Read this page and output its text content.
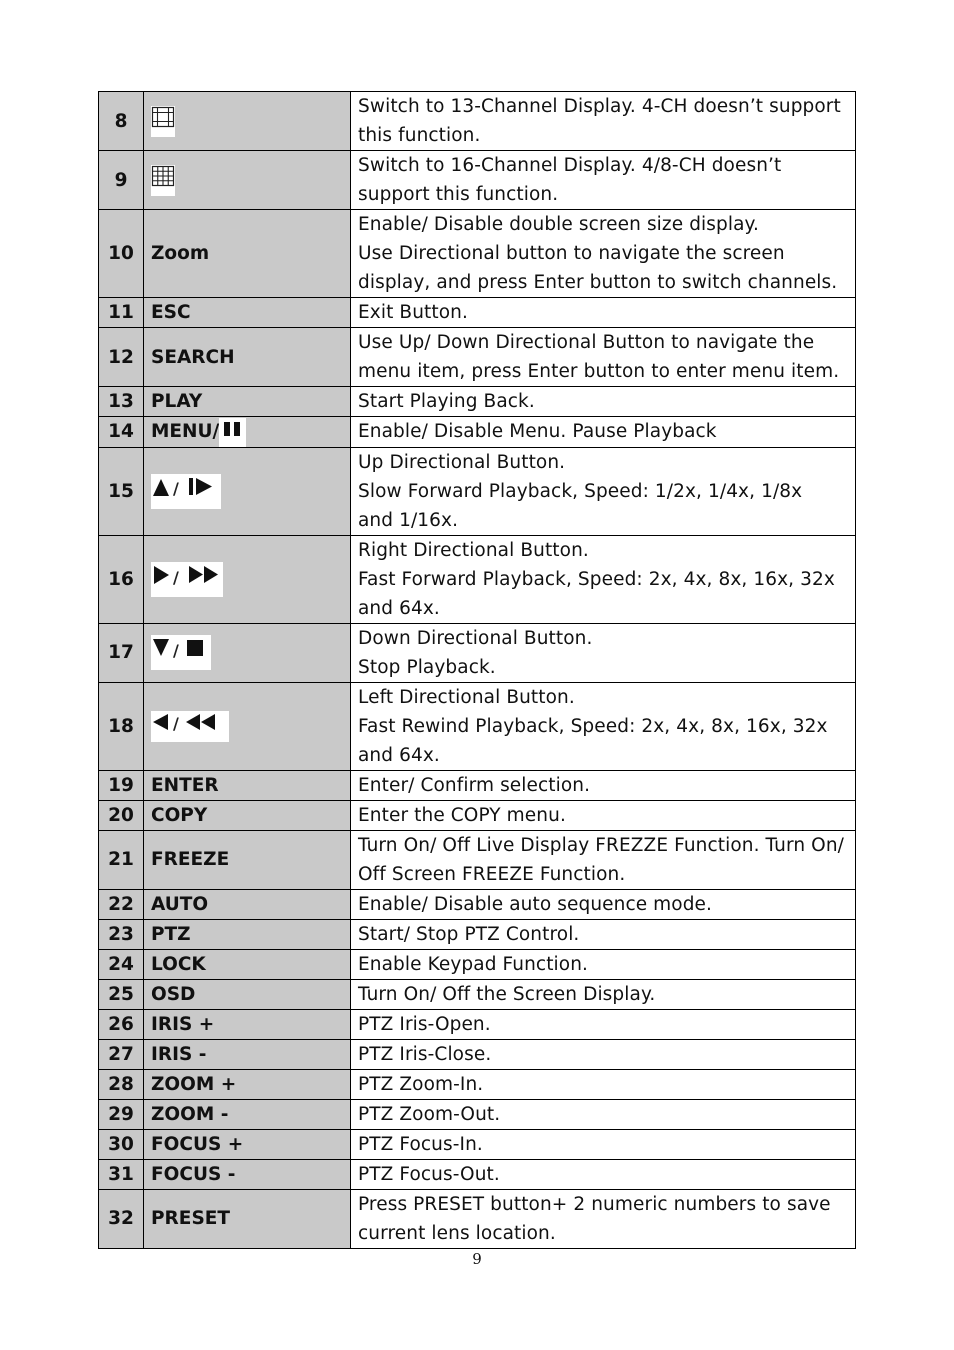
8		Switch to 13-Channel Display. 4-CH doesn’t support
this function.

9		Switch to 16-Channel Display. 4/8-CH doesn’t
support this function.

10	Zoom	Enable/ Disable double screen size display.
Use Directional button to navigate the screen
display, and press Enter button to switch channels.

11	ESC	Exit Button.

12	SEARCH	Use Up/ Down Directional Button to navigate the
menu item, press Enter button to enter menu item.

13	PLAY	Start Playing Back.

14	MENU/	Enable/ Disable Menu. Pause Playback

15	/	Up Directional Button.
Slow Forward Playback, Speed: 1/2x, 1/4x, 1/8x
and 1/16x.

16	/	Right Directional Button.
Fast Forward Playback, Speed: 2x, 4x, 8x, 16x, 32x
and 64x.

17	/	Down Directional Button.
Stop Playback.

18	/	Left Directional Button.
Fast Rewind Playback, Speed: 2x, 4x, 8x, 16x, 32x
and 64x.

19	ENTER	Enter/ Confirm selection.

20	COPY	Enter the COPY menu.

21	FREEZE	Turn On/ Off Live Display FREZZE Function. Turn On/
Off Screen FREEZE Function.

22	AUTO	Enable/ Disable auto sequence mode.

23	PTZ	Start/ Stop PTZ Control.

24	LOCK	Enable Keypad Function.

25	OSD	Turn On/ Off the Screen Display.

26	IRIS +	PTZ Iris-Open.

27	IRIS -	PTZ Iris-Close.

28	ZOOM +	PTZ Zoom-In.

29	ZOOM -	PTZ Zoom-Out.

30	FOCUS +	PTZ Focus-In.

31	FOCUS -	PTZ Focus-Out.

32	PRESET	Press PRESET button+ 2 numeric numbers to save
current lens location.
9
